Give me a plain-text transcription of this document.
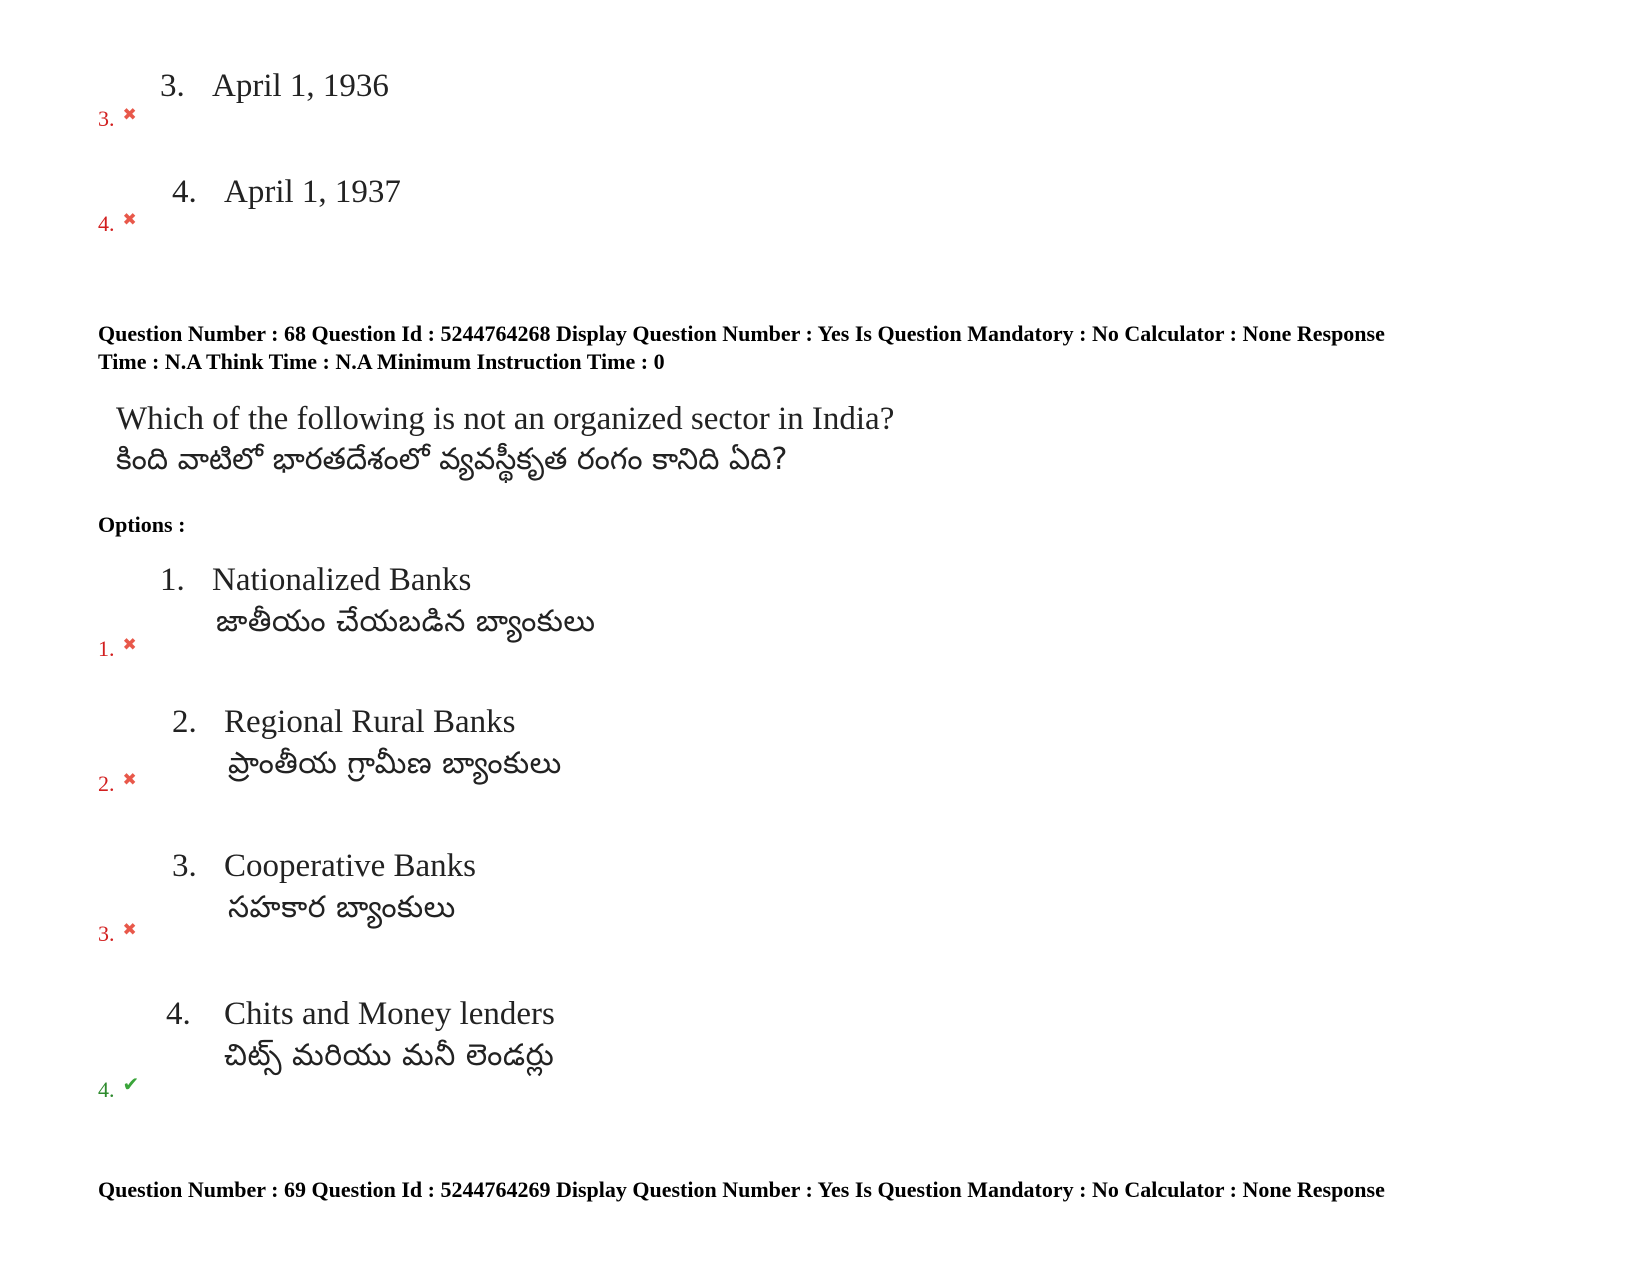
3. April 1, 1936
3. ✖
4. April 1, 1937
4. ✖
Question Number : 68 Question Id : 5244764268 Display Question Number : Yes Is Question Mandatory : No Calculator : None Response
Time : N.A Think Time : N.A Minimum Instruction Time : 0
Which of the following is not an organized sector in India?
కింది వాటిలో భారతదేశంలో వ్యవస్థీకృత రంగం కానిది ఏది?
Options :
1. Nationalized Banks
జాతీయం చేయబడిన బ్యాంకులు
1. ✖
2. Regional Rural Banks
ప్రాంతీయ గ్రామీణ బ్యాంకులు
2. ✖
3. Cooperative Banks
సహకార బ్యాంకులు
3. ✖
4. Chits and Money lenders
చిట్స్ మరియు మనీ లెండర్లు
4. ✔
Question Number : 69 Question Id : 5244764269 Display Question Number : Yes Is Question Mandatory : No Calculator : None Response
